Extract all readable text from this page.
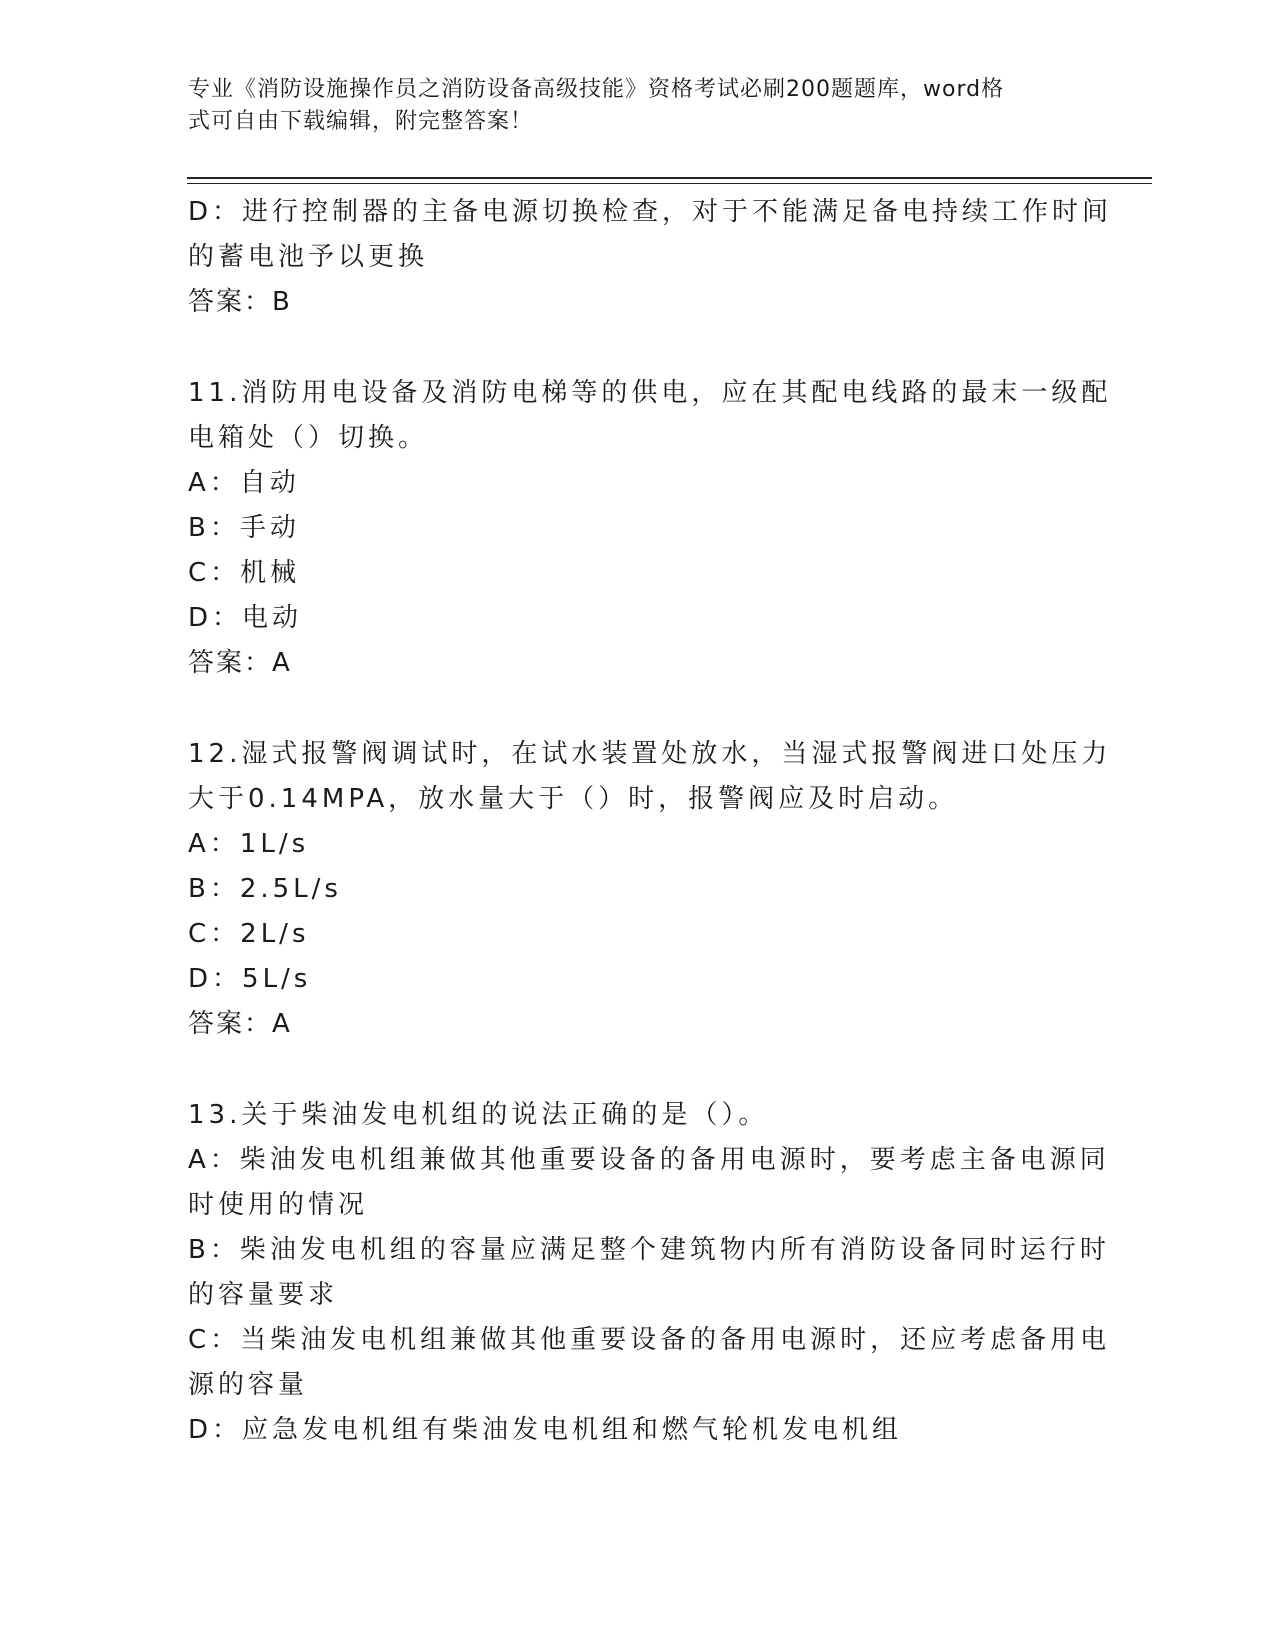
专业《消防设施操作员之消防设备高级技能》资格考试必刷200题题库，word格
式可自由下载编辑，附完整答案！
D：进行控制器的主备电源切换检查，对于不能满足备电持续工作时间
的蓄电池予以更换
答案：B
11.消防用电设备及消防电梯等的供电，应在其配电线路的最末一级配
电箱处（）切换。
A：自动
B：手动
C：机械
D：电动
答案：A
12.湿式报警阀调试时，在试水装置处放水，当湿式报警阀进口处压力
大于0.14MPA，放水量大于（）时，报警阀应及时启动。
A：1L/s
B：2.5L/s
C：2L/s
D：5L/s
答案：A
13.关于柴油发电机组的说法正确的是（）。
A：柴油发电机组兼做其他重要设备的备用电源时，要考虑主备电源同
时使用的情况
B：柴油发电机组的容量应满足整个建筑物内所有消防设备同时运行时
的容量要求
C：当柴油发电机组兼做其他重要设备的备用电源时，还应考虑备用电
源的容量
D：应急发电机组有柴油发电机组和燃气轮机发电机组
